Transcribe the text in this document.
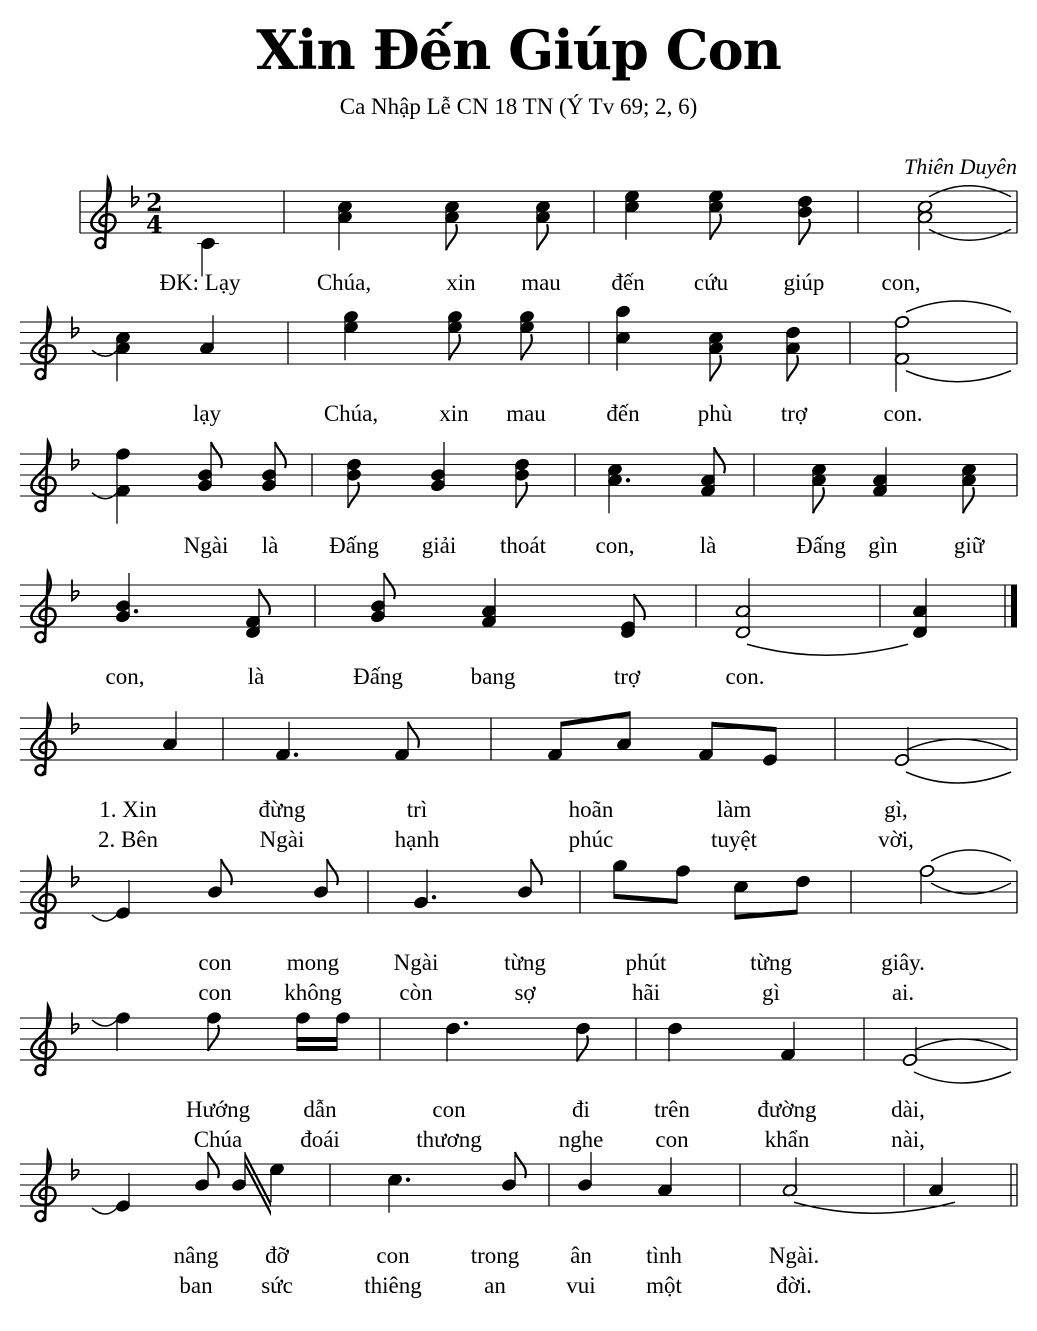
Xin Đến Giúp Con
Ca Nhập Lễ CN 18 TN (Ý Tv 69; 2, 6)
Thiên Duyên
2
4
ĐK: Lạy	Chúa,	xin mau đến cứu giúp con,
lạy	Chúa,	xin mau	đến	phù trợ	con.
Ngài là Đấng giải thoát con,	là	Đấng gìn giữ
con,	là	Đấng	bang	trợ	con.
1. Xin	đừng	trì	hoãn	làm	gì,
2. Bên	Ngài	hạnh	phúc	tuyệt	vời,
con mong Ngài	từng	phút	từng	giây.
con không	còn	sợ	hãi	gì	ai.
Hướng dẫn	con	đi	trên	đường	dài,
Chúa	đoái	thương	nghe con	khẩn	nài,
nâng đỡ	con	trong ân tình	Ngài.
ban sức	thiêng	an	vui một	đời.
